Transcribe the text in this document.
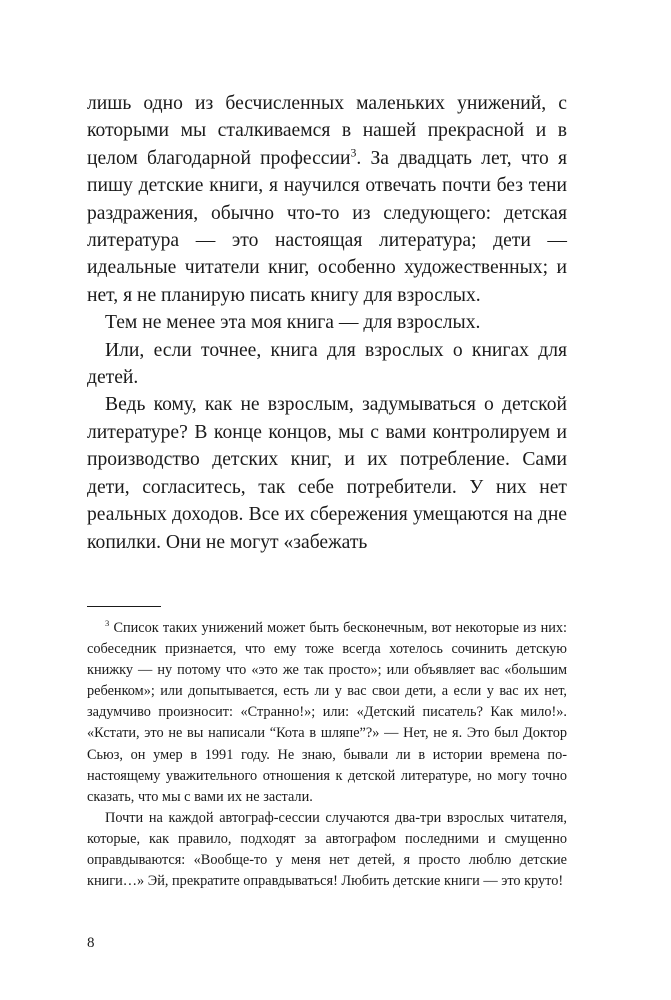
лишь одно из бесчисленных маленьких унижений, с которыми мы сталкиваемся в нашей прекрасной и в целом благодарной профессии$^3$. За двадцать лет, что я пишу детские книги, я научился отвечать почти без тени раздражения, обычно что-то из следующего: детская литература — это настоящая литература; дети — идеальные читатели книг, особенно художественных; и нет, я не планирую писать книгу для взрослых.

Тем не менее эта моя книга — для взрослых.

Или, если точнее, книга для взрослых о книгах для детей.

Ведь кому, как не взрослым, задумываться о детской литературе? В конце концов, мы с вами контролируем и производство детских книг, и их потребление. Сами дети, согласитесь, так себе потребители. У них нет реальных доходов. Все их сбережения умещаются на дне копилки. Они не могут «забежать

$^3$ Список таких унижений может быть бесконечным, вот некоторые из них: собеседник признается, что ему тоже всегда хотелось сочинить детскую книжку — ну потому что «это же так просто»; или объявляет вас «большим ребенком»; или допытывается, есть ли у вас свои дети, а если у вас их нет, задумчиво произносит: «Странно!»; или: «Детский писатель? Как мило!». «Кстати, это не вы написали “Кота в шляпе”?» — Нет, не я. Это был Доктор Сьюз, он умер в 1991 году. Не знаю, бывали ли в истории времена по-настоящему уважительного отношения к детской литературе, но могу точно сказать, что мы с вами их не застали.

Почти на каждой автограф-сессии случаются два-три взрослых читателя, которые, как правило, подходят за автографом последними и смущенно оправдываются: «Вообще-то у меня нет детей, я просто люблю детские книги…» Эй, прекратите оправдываться! Любить детские книги — это круто!

8
